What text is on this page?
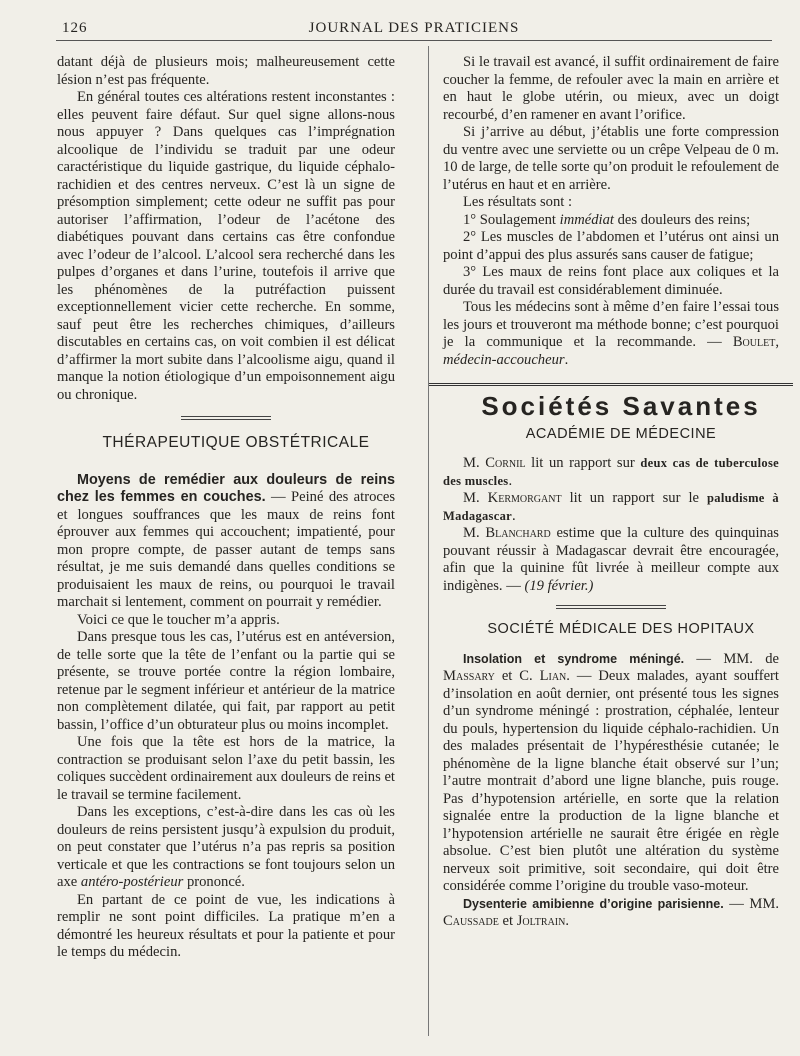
126	JOURNAL DES PRATICIENS

datant déjà de plusieurs mois; malheureusement cette lésion n’est pas fréquente.

En général toutes ces altérations restent inconstantes : elles peuvent faire défaut. Sur quel signe allons-nous nous appuyer ? Dans quelques cas l’imprégnation alcoolique de l’individu se traduit par une odeur caractéristique du liquide gastrique, du liquide céphalo-rachidien et des centres nerveux. C’est là un signe de présomption simplement; cette odeur ne suffit pas pour autoriser l’affirmation, l’odeur de l’acétone des diabétiques pouvant dans certains cas être confondue avec l’odeur de l’alcool. L’alcool sera recherché dans les pulpes d’organes et dans l’urine, toutefois il arrive que les phénomènes de la putréfaction puissent exceptionnellement vicier cette recherche. En somme, sauf peut être les recherches chimiques, d’ailleurs discutables en certains cas, on voit combien il est délicat d’affirmer la mort subite dans l’alcoolisme aigu, quand il manque la notion étiologique d’un empoisonnement aigu ou chronique.

THÉRAPEUTIQUE OBSTÉTRICALE

Moyens de remédier aux douleurs de reins chez les femmes en couches. — Peiné des atroces et longues souffrances que les maux de reins font éprouver aux femmes qui accouchent; impatienté, pour mon propre compte, de passer autant de temps sans résultat, je me suis demandé dans quelles conditions se produisaient les maux de reins, ou pourquoi le travail marchait si lentement, comment on pourrait y remédier.

Voici ce que le toucher m’a appris.

Dans presque tous les cas, l’utérus est en antéversion, de telle sorte que la tête de l’enfant ou la partie qui se présente, se trouve portée contre la région lombaire, retenue par le segment inférieur et antérieur de la matrice non complètement dilatée, qui fait, par rapport au petit bassin, l’office d’un obturateur plus ou moins incomplet.

Une fois que la tête est hors de la matrice, la contraction se produisant selon l’axe du petit bassin, les coliques succèdent ordinairement aux douleurs de reins et le travail se termine facilement.

Dans les exceptions, c’est-à-dire dans les cas où les douleurs de reins persistent jusqu’à expulsion du produit, on peut constater que l’utérus n’a pas repris sa position verticale et que les contractions se font toujours selon un axe antéro-postérieur prononcé.

En partant de ce point de vue, les indications à remplir ne sont point difficiles. La pratique m’en a démontré les heureux résultats et pour la patiente et pour le temps du médecin.

Si le travail est avancé, il suffit ordinairement de faire coucher la femme, de refouler avec la main en arrière et en haut le globe utérin, ou mieux, avec un doigt recourbé, d’en ramener en avant l’orifice.

Si j’arrive au début, j’établis une forte compression du ventre avec une serviette ou un crêpe Velpeau de 0 m. 10 de large, de telle sorte qu’on produit le refoulement de l’utérus en haut et en arrière.

Les résultats sont :

1° Soulagement immédiat des douleurs des reins;

2° Les muscles de l’abdomen et l’utérus ont ainsi un point d’appui des plus assurés sans causer de fatigue;

3° Les maux de reins font place aux coliques et la durée du travail est considérablement diminuée.

Tous les médecins sont à même d’en faire l’essai tous les jours et trouveront ma méthode bonne; c’est pourquoi je la communique et la recommande. — Boulet, médecin-accoucheur.

Sociétés Savantes

ACADÉMIE DE MÉDECINE

M. Cornil lit un rapport sur deux cas de tuberculose des muscles.

M. Kermorgant lit un rapport sur le paludisme à Madagascar.

M. Blanchard estime que la culture des quinquinas pouvant réussir à Madagascar devrait être encouragée, afin que la quinine fût livrée à meilleur compte aux indigènes. — (19 février.)

SOCIÉTÉ MÉDICALE DES HOPITAUX

Insolation et syndrome méningé. — MM. de Massary et C. Lian. — Deux malades, ayant souffert d’insolation en août dernier, ont présenté tous les signes d’un syndrome méningé : prostration, céphalée, lenteur du pouls, hypertension du liquide céphalo-rachidien. Un des malades présentait de l’hypéresthésie cutanée; le phénomène de la ligne blanche était observé sur l’un; l’autre montrait d’abord une ligne blanche, puis rouge. Pas d’hypotension artérielle, en sorte que la relation signalée entre la production de la ligne blanche et l’hypotension artérielle ne saurait être érigée en règle absolue. C’est bien plutôt une altération du système nerveux soit primitive, soit secondaire, qui doit être considérée comme l’origine du trouble vaso-moteur.

Dysenterie amibienne d’origine parisienne. — MM. Caussade et Joltrain.
